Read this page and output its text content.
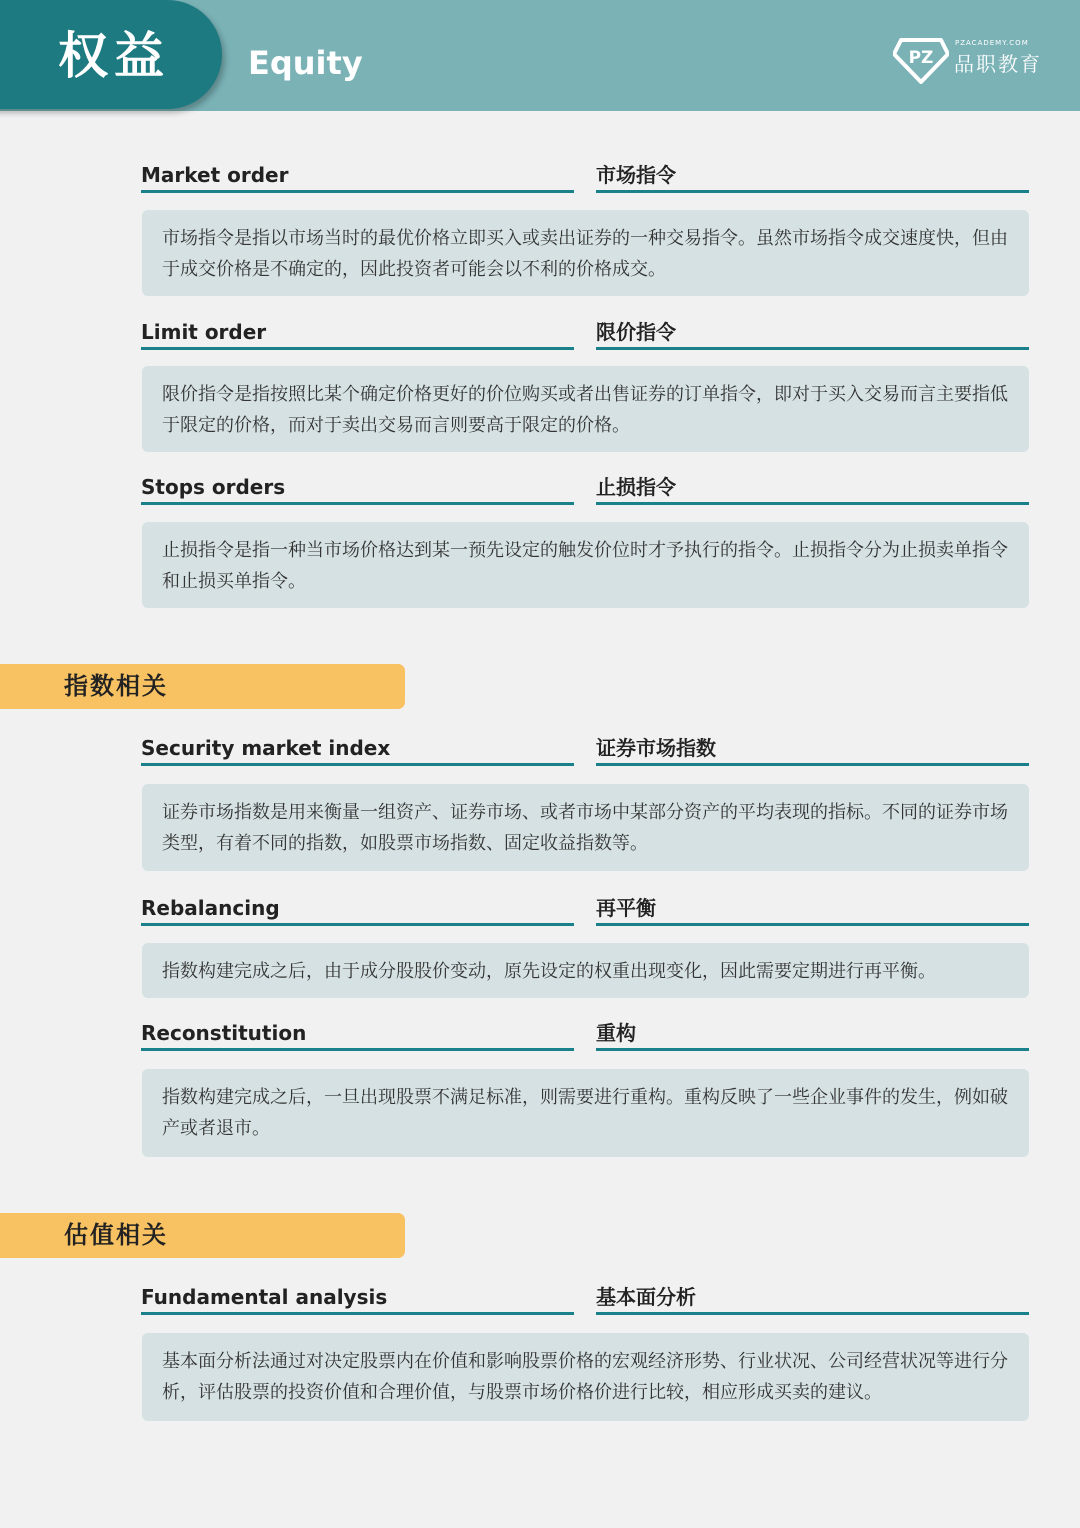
权益 Equity	PZ
PZACADEMY.COM
品职教育
Market order	市场指令
市场指令是指以市场当时的最优价格立即买入或卖出证券的一种交易指令。虽然市场指令成交速度快，但由于成交价格是不确定的，因此投资者可能会以不利的价格成交。
Limit order	限价指令
限价指令是指按照比某个确定价格更好的价位购买或者出售证券的订单指令，即对于买入交易而言主要指低于限定的价格，而对于卖出交易而言则要高于限定的价格。
Stops orders	止损指令
止损指令是指一种当市场价格达到某一预先设定的触发价位时才予执行的指令。止损指令分为止损卖单指令和止损买单指令。
指数相关
Security market index	证券市场指数
证券市场指数是用来衡量一组资产、证券市场、或者市场中某部分资产的平均表现的指标。不同的证券市场类型，有着不同的指数，如股票市场指数、固定收益指数等。
Rebalancing	再平衡
指数构建完成之后，由于成分股股价变动，原先设定的权重出现变化，因此需要定期进行再平衡。
Reconstitution	重构
指数构建完成之后，一旦出现股票不满足标准，则需要进行重构。重构反映了一些企业事件的发生，例如破产或者退市。
估值相关
Fundamental analysis	基本面分析
基本面分析法通过对决定股票内在价值和影响股票价格的宏观经济形势、行业状况、公司经营状况等进行分析，评估股票的投资价值和合理价值，与股票市场价格价进行比较，相应形成买卖的建议。
